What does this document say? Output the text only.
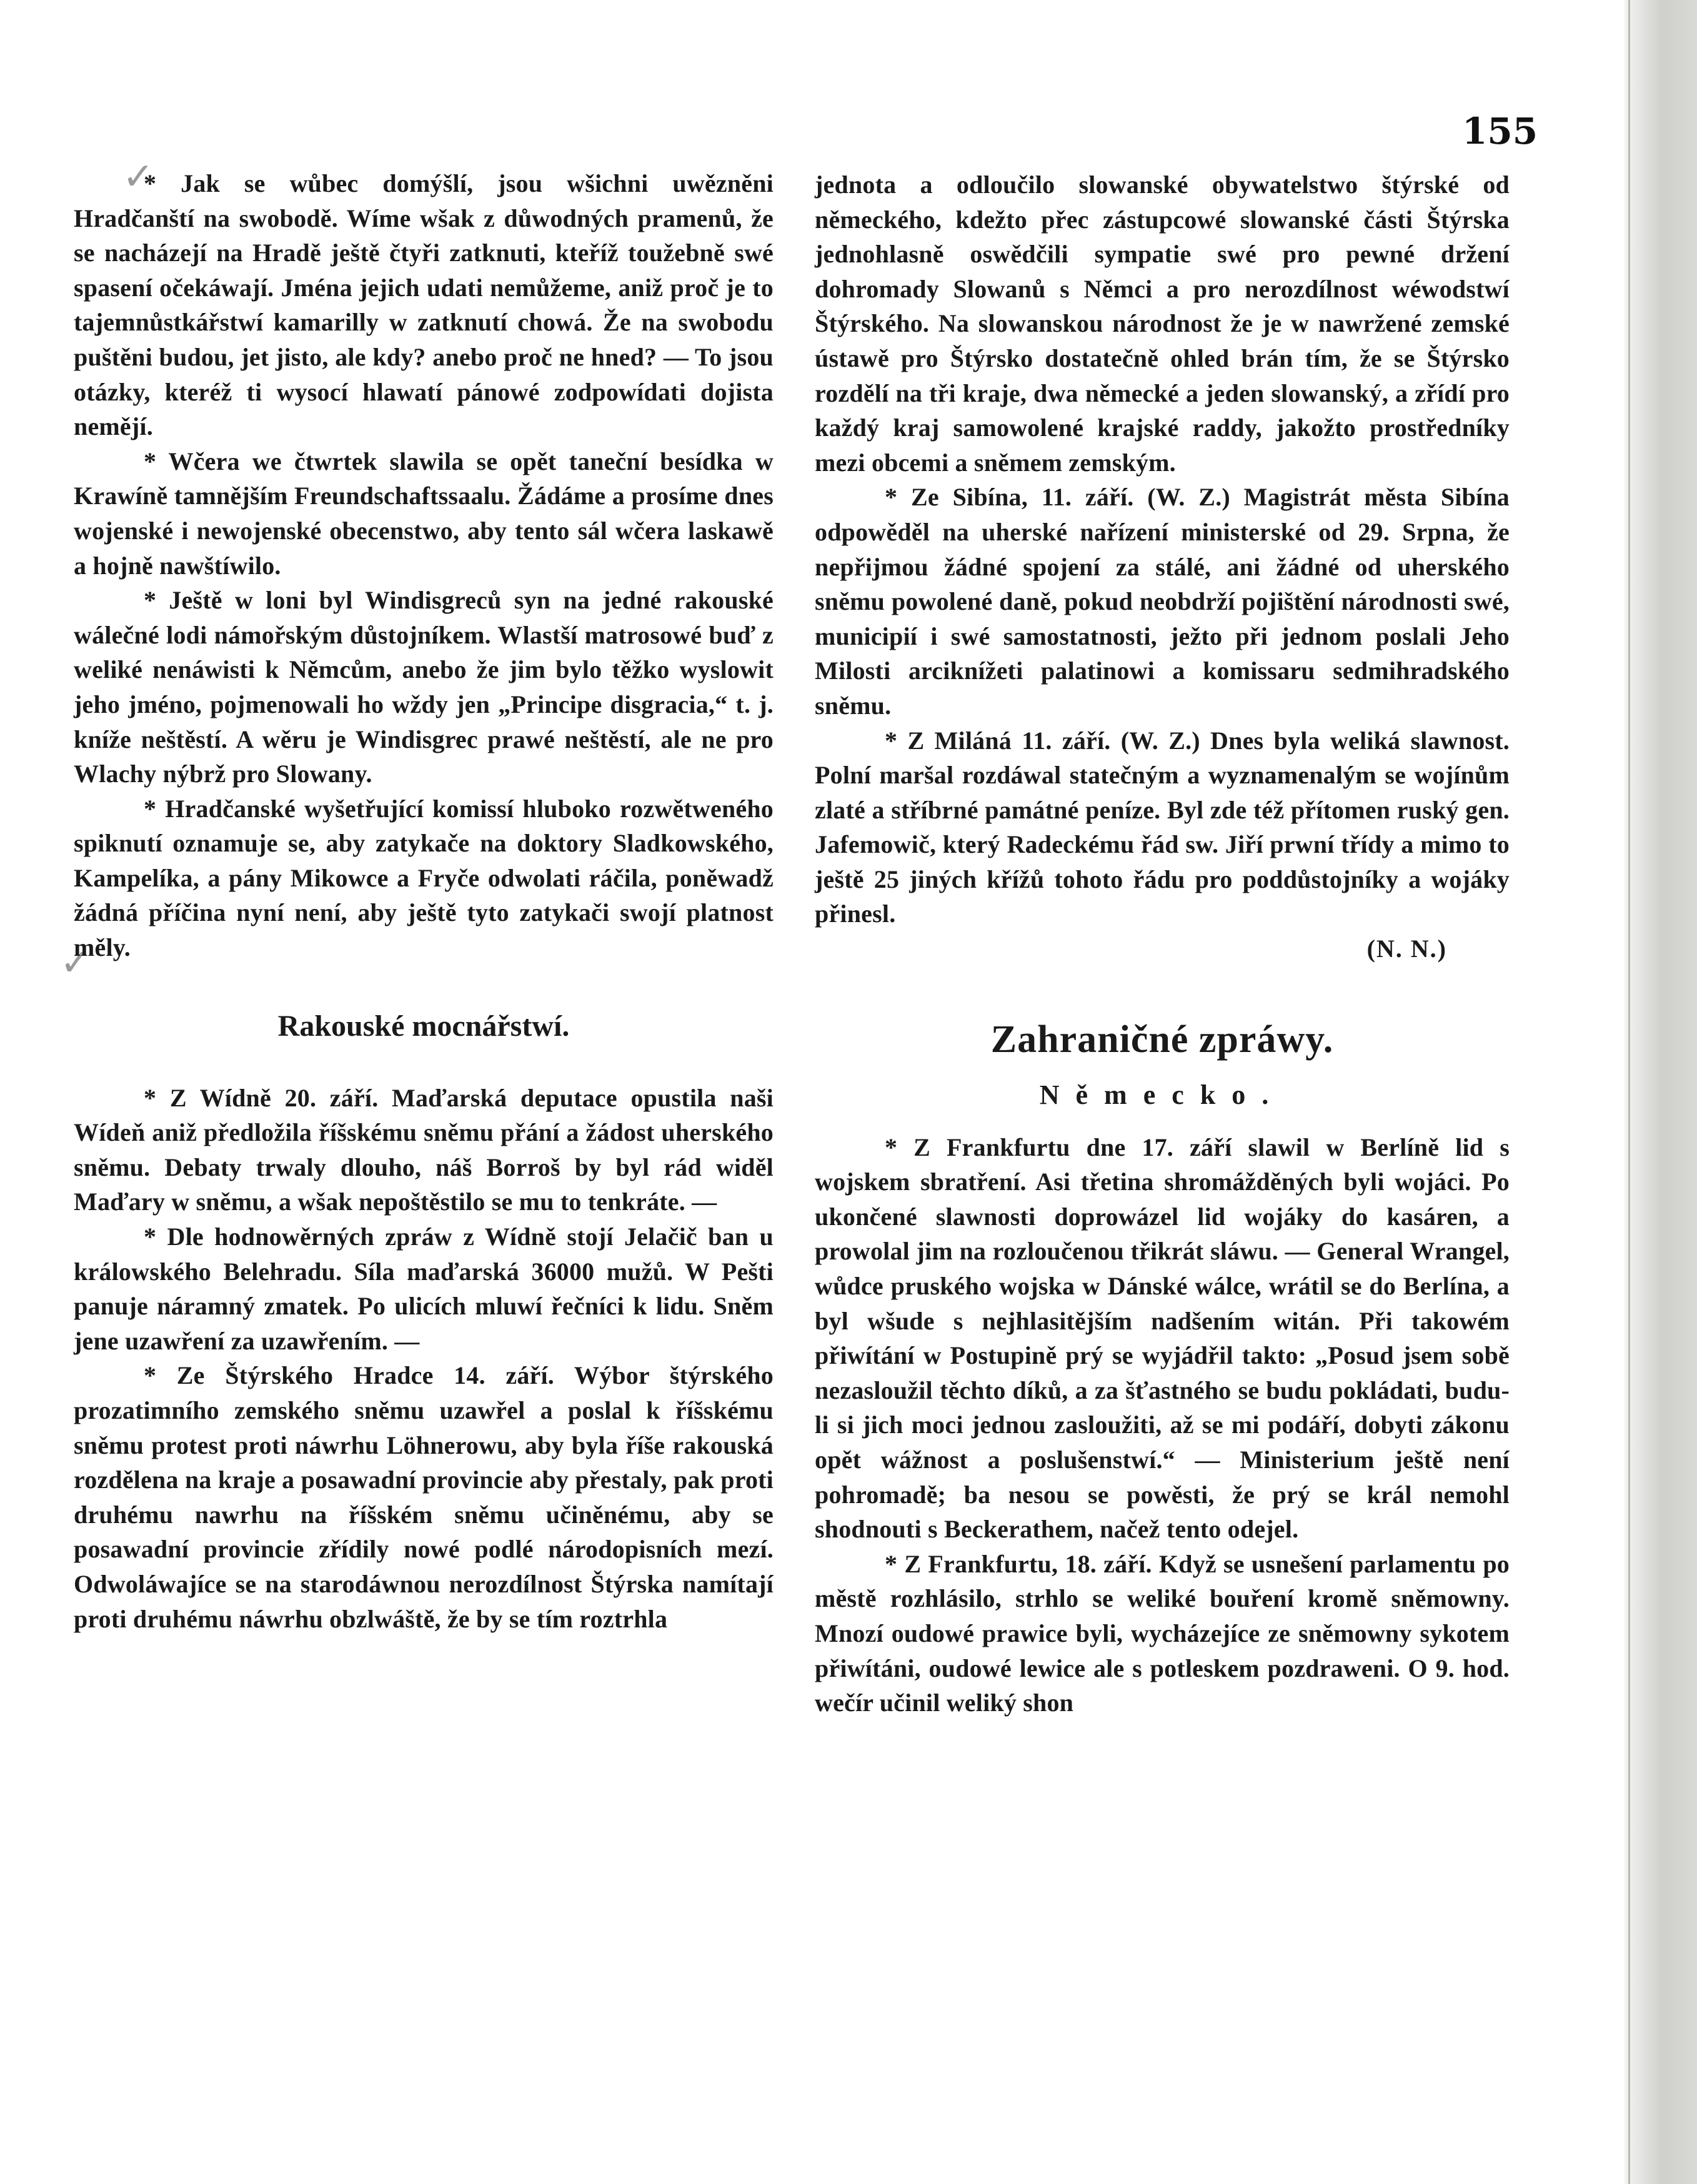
✓
✓
155

* Jak se wůbec domýšlí, jsou wšichni uwězněni Hradčanští na swobodě. Wíme wšak z důwodných pramenů, že se nacházejí na Hradě ještě čtyři zatknuti, kteříž toužebně swé spasení očekáwají. Jména jejich udati nemůžeme, aniž proč je to tajemnůstkářstwí kamarilly w zatknutí chowá. Že na swobodu puštěni budou, jet jisto, ale kdy? anebo proč ne hned? — To jsou otázky, kteréž ti wysocí hlawatí pánowé zodpowídati dojista nemějí.

* Wčera we čtwrtek slawila se opět taneční besídka w Krawíně tamnějším Freundschaftssaalu. Žádáme a prosíme dnes wojenské i newojenské obecenstwo, aby tento sál wčera laskawě a hojně nawštíwilo.

* Ještě w loni byl Windisgreců syn na jedné rakouské wálečné lodi námořským důstojníkem. Wlastší matrosowé buď z weliké nenáwisti k Němcům, anebo že jim bylo těžko wyslowit jeho jméno, pojmenowali ho wždy jen „Principe disgracia,“ t. j. kníže neštěstí. A wěru je Windisgrec prawé neštěstí, ale ne pro Wlachy nýbrž pro Slowany.

* Hradčanské wyšetřující komissí hluboko rozwětweného spiknutí oznamuje se, aby zatykače na doktory Sladkowského, Kampelíka, a pány Mikowce a Fryče odwolati ráčila, poněwadž žádná příčina nyní není, aby ještě tyto zatykači swojí platnost měly.

Rakouské mocnářstwí.

* Z Wídně 20. září. Maďarská deputace opustila naši Wídeň aniž předložila říšskému sněmu přání a žádost uherského sněmu. Debaty trwaly dlouho, náš Borroš by byl rád widěl Maďary w sněmu, a wšak nepoštěstilo se mu to tenkráte. —

* Dle hodnowěrných zpráw z Wídně stojí Jelačič ban u králowského Belehradu. Síla maďarská 36000 mužů. W Pešti panuje náramný zmatek. Po ulicích mluwí řečníci k lidu. Sněm jene uzawření za uzawřením. —

* Ze Štýrského Hradce 14. září. Wýbor štýrského prozatimního zemského sněmu uzawřel a poslal k říšskému sněmu protest proti náwrhu Löhnerowu, aby byla říše rakouská rozdělena na kraje a posawadní provincie aby přestaly, pak proti druhému nawrhu na říšském sněmu učiněnému, aby se posawadní provincie zřídily nowé podlé národopisních mezí. Odwoláwajíce se na starodáwnou nerozdílnost Štýrska namítají proti druhému náwrhu obzlwáště, že by se tím roztrhla

jednota a odloučilo slowanské obywatelstwo štýrské od německého, kdežto přec zástupcowé slowanské části Štýrska jednohlasně oswědčili sympatie swé pro pewné držení dohromady Slowanů s Němci a pro nerozdílnost wéwodstwí Štýrského. Na slowanskou národnost že je w nawržené zemské ústawě pro Štýrsko dostatečně ohled brán tím, že se Štýrsko rozdělí na tři kraje, dwa německé a jeden slowanský, a zřídí pro každý kraj samowolené krajské raddy, jakožto prostředníky mezi obcemi a sněmem zemským.

* Ze Sibína, 11. září. (W. Z.) Magistrát města Sibína odpowěděl na uherské nařízení ministerské od 29. Srpna, že nepřijmou žádné spojení za stálé, ani žádné od uherského sněmu powolené daně, pokud neobdrží pojištění národnosti swé, municipií i swé samostatnosti, ježto při jednom poslali Jeho Milosti arciknížeti palatinowi a komissaru sedmihradského sněmu.

* Z Miláná 11. září. (W. Z.) Dnes byla weliká slawnost. Polní maršal rozdáwal statečným a wyznamenalým se wojínům zlaté a stříbrné památné peníze. Byl zde též přítomen ruský gen. Jafemowič, který Radeckému řád sw. Jiří prwní třídy a mimo to ještě 25 jiných křížů tohoto řádu pro poddůstojníky a wojáky přinesl.

(N. N.)

Zahraničné zpráwy.
Německo.

* Z Frankfurtu dne 17. září slawil w Berlíně lid s wojskem sbratření. Asi třetina shromážděných byli wojáci. Po ukončené slawnosti doprowázel lid wojáky do kasáren, a prowolal jim na rozloučenou třikrát sláwu. — General Wrangel, wůdce pruského wojska w Dánské wálce, wrátil se do Berlína, a byl wšude s nejhlasitějším nadšením witán. Při takowém přiwítání w Postupině prý se wyjádřil takto: „Posud jsem sobě nezasloužil těchto díků, a za šťastného se budu pokládati, budu-li si jich moci jednou zasloužiti, až se mi podáří, dobyti zákonu opět wážnost a poslušenstwí.“ — Ministerium ještě není pohromadě; ba nesou se powěsti, že prý se král nemohl shodnouti s Beckerathem, načež tento odejel.

* Z Frankfurtu, 18. září. Když se usnešení parlamentu po městě rozhlásilo, strhlo se weliké bouření kromě sněmowny. Mnozí oudowé prawice byli, wycházejíce ze sněmowny sykotem přiwítáni, oudowé lewice ale s potleskem pozdraweni. O 9. hod. wečír učinil weliký shon
